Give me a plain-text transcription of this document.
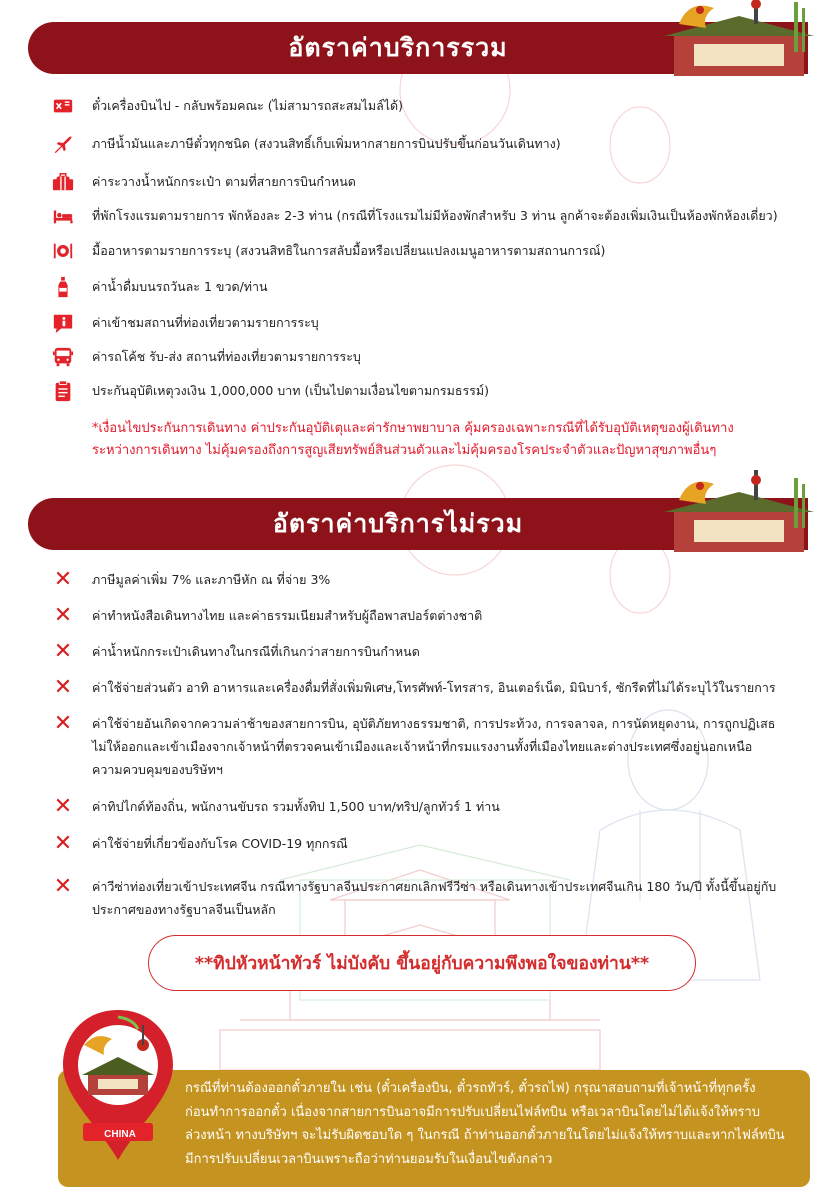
อัตราค่าบริการรวม
ตั๋วเครื่องบินไป - กลับพร้อมคณะ (ไม่สามารถสะสมไมล์ได้)
ภาษีน้ำมันและภาษีตั๋วทุกชนิด (สงวนสิทธิ์เก็บเพิ่มหากสายการบินปรับขึ้นก่อนวันเดินทาง)
ค่าระวางน้ำหนักกระเป๋า ตามที่สายการบินกำหนด
ที่พักโรงแรมตามรายการ พักห้องละ 2-3 ท่าน (กรณีที่โรงแรมไม่มีห้องพักสำหรับ 3 ท่าน ลูกค้าจะต้องเพิ่มเงินเป็นห้องพักห้องเดี่ยว)
มื้ออาหารตามรายการระบุ (สงวนสิทธิในการสลับมื้อหรือเปลี่ยนแปลงเมนูอาหารตามสถานการณ์)
ค่าน้ำดื่มบนรถวันละ 1 ขวด/ท่าน
ค่าเข้าชมสถานที่ท่องเที่ยวตามรายการระบุ
ค่ารถโค้ช รับ-ส่ง สถานที่ท่องเที่ยวตามรายการระบุ
ประกันอุบัติเหตุวงเงิน 1,000,000 บาท (เป็นไปตามเงื่อนไขตามกรมธรรม์)
*เงื่อนไขประกันการเดินทาง ค่าประกันอุบัติเตุและค่ารักษาพยาบาล คุ้มครองเฉพาะกรณีที่ได้รับอุบัติเหตุของผู้เดินทาง
ระหว่างการเดินทาง ไม่คุ้มครองถึงการสูญเสียทรัพย์สินส่วนตัวและไม่คุ้มครองโรคประจำตัวและปัญหาสุขภาพอื่นๆ
อัตราค่าบริการไม่รวม
✕	ภาษีมูลค่าเพิ่ม 7% และภาษีหัก ณ ที่จ่าย 3%
✕	ค่าทำหนังสือเดินทางไทย และค่าธรรมเนียมสำหรับผู้ถือพาสปอร์ตต่างชาติ
✕	ค่าน้ำหนักกระเป๋าเดินทางในกรณีที่เกินกว่าสายการบินกำหนด
✕	ค่าใช้จ่ายส่วนตัว อาทิ อาหารและเครื่องดื่มที่สั่งเพิ่มพิเศษ,โทรศัพท์-โทรสาร, อินเตอร์เน็ต, มินิบาร์, ซักรีดที่ไม่ได้ระบุไว้ในรายการ
✕	ค่าใช้จ่ายอันเกิดจากความล่าช้าของสายการบิน, อุบัติภัยทางธรรมชาติ, การประท้วง, การจลาจล, การนัดหยุดงาน, การถูกปฏิเสธ
ไม่ให้ออกและเข้าเมืองจากเจ้าหน้าที่ตรวจคนเข้าเมืองและเจ้าหน้าที่กรมแรงงานทั้งที่เมืองไทยและต่างประเทศซึ่งอยู่นอกเหนือ
ความควบคุมของบริษัทฯ
✕	ค่าทิปไกด์ท้องถิ่น, พนักงานขับรถ รวมทั้งทิป 1,500 บาท/ทริป/ลูกทัวร์ 1 ท่าน
✕	ค่าใช้จ่ายที่เกี่ยวข้องกับโรค COVID-19 ทุกกรณี
✕	ค่าวีซ่าท่องเที่ยวเข้าประเทศจีน กรณีทางรัฐบาลจีนประกาศยกเลิกฟรีวีซ่า หรือเดินทางเข้าประเทศจีนเกิน 180 วัน/ปี ทั้งนี้ขึ้นอยู่กับ
ประกาศของทางรัฐบาลจีนเป็นหลัก
**ทิปหัวหน้าทัวร์ ไม่บังคับ ขึ้นอยู่กับความพึงพอใจของท่าน**
CHINA
กรณีที่ท่านต้องออกตั๋วภายใน เช่น (ตั๋วเครื่องบิน, ตั๋วรถทัวร์, ตั๋วรถไฟ) กรุณาสอบถามที่เจ้าหน้าที่ทุกครั้ง
ก่อนทำการออกตั๋ว เนื่องจากสายการบินอาจมีการปรับเปลี่ยนไฟล์ทบิน หรือเวลาบินโดยไม่ได้แจ้งให้ทราบ
ล่วงหน้า ทางบริษัทฯ จะไม่รับผิดชอบใด ๆ ในกรณี ถ้าท่านออกตั๋วภายในโดยไม่แจ้งให้ทราบและหากไฟล์ทบิน
มีการปรับเปลี่ยนเวลาบินเพราะถือว่าท่านยอมรับในเงื่อนไขดังกล่าว
